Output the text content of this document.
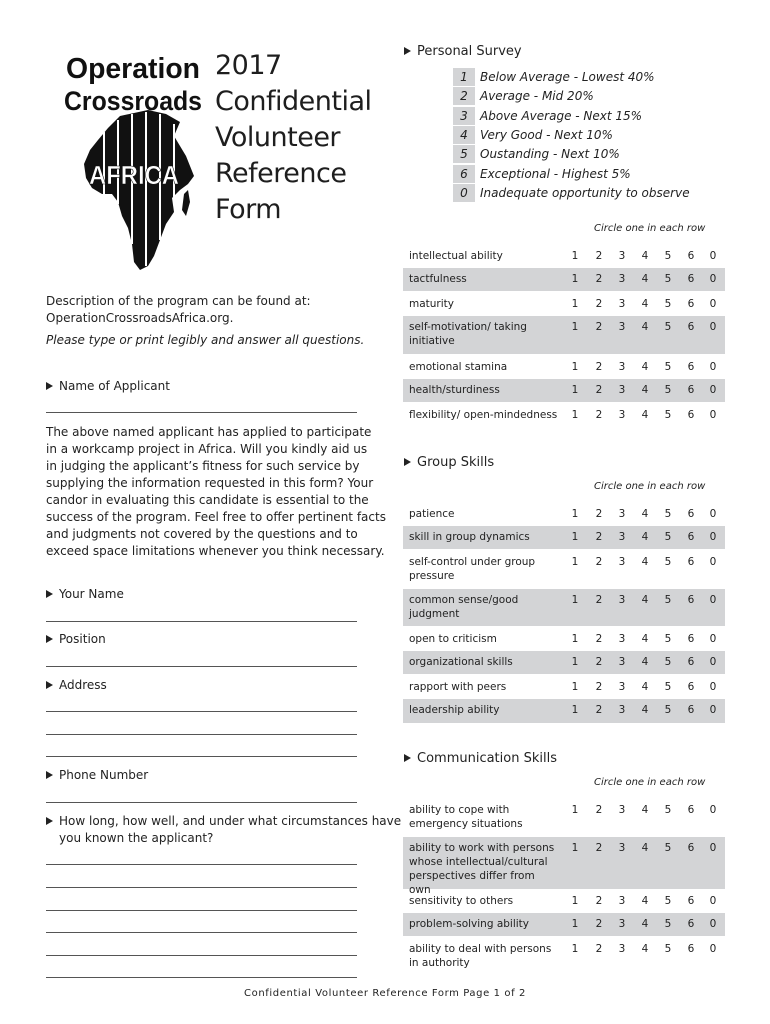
Operation
Crossroads
AFRICA
2017
Confidential
Volunteer
Reference
Form
Description of the program can be found at:
OperationCrossroadsAfrica.org.
Please type or print legibly and answer all questions.
Name of Applicant
The above named applicant has applied to participate
in a workcamp project in Africa. Will you kindly aid us
in judging the applicant’s fitness for such service by
supplying the information requested in this form? Your
candor in evaluating this candidate is essential to the
success of the program. Feel free to offer pertinent facts
and judgments not covered by the questions and to
exceed space limitations whenever you think necessary.
Your Name
Position
Address
Phone Number
How long, how well, and under what circumstances have
you known the applicant?
Personal Survey
1	Below Average - Lowest 40%
2	Average - Mid 20%
3	Above Average - Next 15%
4	Very Good - Next 10%
5	Oustanding - Next 10%
6	Exceptional - Highest 5%
0	Inadequate opportunity to observe
Circle one in each row
intellectual ability	1 2 3 4 5 6 0
tactfulness	1 2 3 4 5 6 0
maturity	1 2 3 4 5 6 0
self-motivation/ taking initiative
1 2 3 4 5 6 0
emotional stamina	1 2 3 4 5 6 0
health/sturdiness	1 2 3 4 5 6 0
flexibility/ open-mindedness 1 2 3 4 5 6 0
Group Skills
Circle one in each row
patience	1 2 3 4 5 6 0
skill in group dynamics	1 2 3 4 5 6 0
self-control under group pressure
1 2 3 4 5 6 0
common sense/good judgment
1 2 3 4 5 6 0
open to criticism	1 2 3 4 5 6 0
organizational skills	1 2 3 4 5 6 0
rapport with peers	1 2 3 4 5 6 0
leadership ability	1 2 3 4 5 6 0
Communication Skills
Circle one in each row
ability to cope with emergency situations
1 2 3 4 5 6 0
ability to work with persons whose intellectual/cultural perspectives differ from own
1 2 3 4 5 6 0
sensitivity to others	1 2 3 4 5 6 0
problem-solving ability	1 2 3 4 5 6 0
ability to deal with persons in authority
1 2 3 4 5 6 0
Confidential Volunteer Reference Form Page 1 of 2
